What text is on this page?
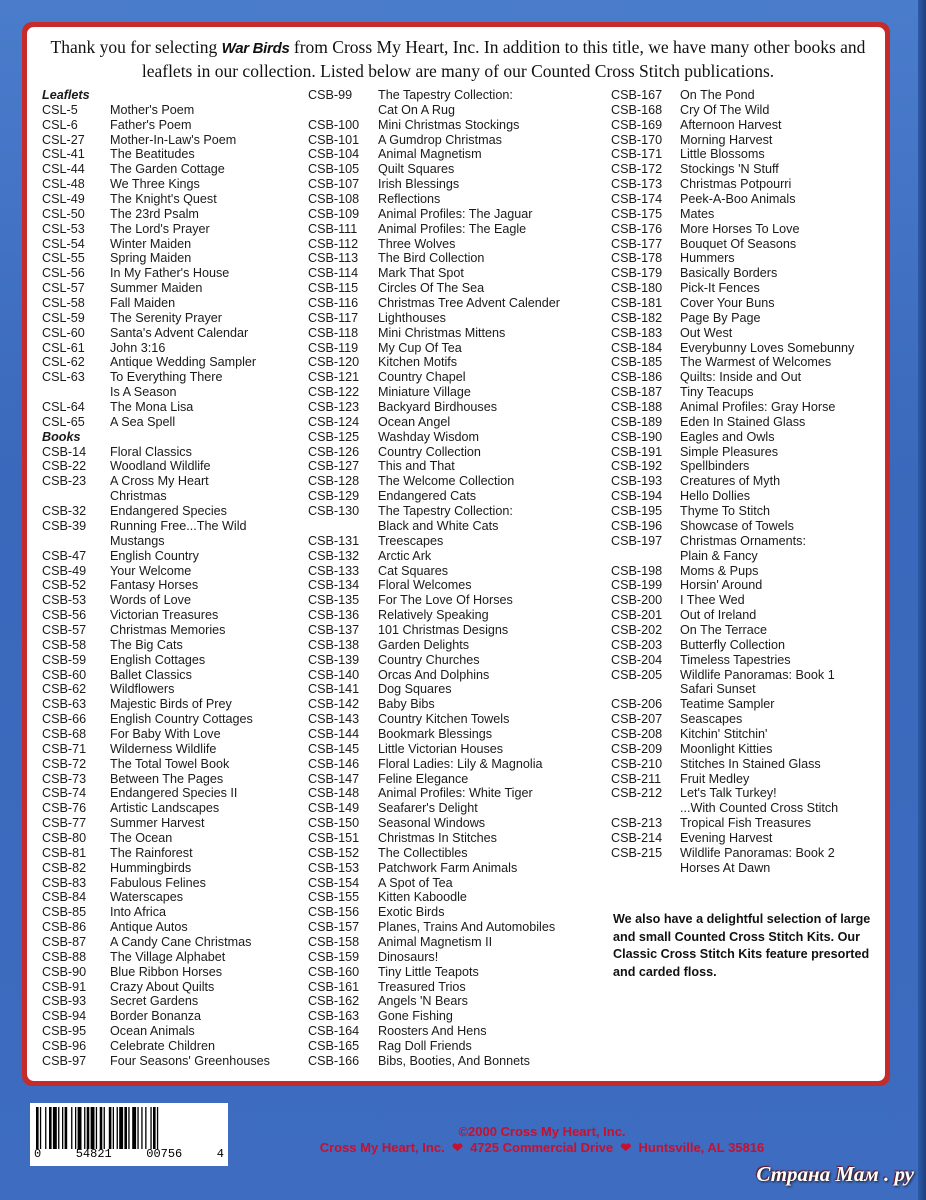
Thank you for selecting War Birds from Cross My Heart, Inc. In addition to this title, we have many other books and leaflets in our collection. Listed below are many of our Counted Cross Stitch publications.
Leaflets
CSL-5	Mother's Poem
CSL-6	Father's Poem
CSL-27	Mother-In-Law's Poem
CSL-41	The Beatitudes
CSL-44	The Garden Cottage
CSL-48	We Three Kings
CSL-49	The Knight's Quest
CSL-50	The 23rd Psalm
CSL-53	The Lord's Prayer
CSL-54	Winter Maiden
CSL-55	Spring Maiden
CSL-56	In My Father's House
CSL-57	Summer Maiden
CSL-58	Fall Maiden
CSL-59	The Serenity Prayer
CSL-60	Santa's Advent Calendar
CSL-61	John 3:16
CSL-62	Antique Wedding Sampler
CSL-63	To Everything There
Is A Season
CSL-64	The Mona Lisa
CSL-65	A Sea Spell
Books
CSB-14	Floral Classics
CSB-22	Woodland Wildlife
CSB-23	A Cross My Heart
Christmas
CSB-32	Endangered Species
CSB-39	Running Free...The Wild
Mustangs
CSB-47	English Country
CSB-49	Your Welcome
CSB-52	Fantasy Horses
CSB-53	Words of Love
CSB-56	Victorian Treasures
CSB-57	Christmas Memories
CSB-58	The Big Cats
CSB-59	English Cottages
CSB-60	Ballet Classics
CSB-62	Wildflowers
CSB-63	Majestic Birds of Prey
CSB-66	English Country Cottages
CSB-68	For Baby With Love
CSB-71	Wilderness Wildlife
CSB-72	The Total Towel Book
CSB-73	Between The Pages
CSB-74	Endangered Species II
CSB-76	Artistic Landscapes
CSB-77	Summer Harvest
CSB-80	The Ocean
CSB-81	The Rainforest
CSB-82	Hummingbirds
CSB-83	Fabulous Felines
CSB-84	Waterscapes
CSB-85	Into Africa
CSB-86	Antique Autos
CSB-87	A Candy Cane Christmas
CSB-88	The Village Alphabet
CSB-90	Blue Ribbon Horses
CSB-91	Crazy About Quilts
CSB-93	Secret Gardens
CSB-94	Border Bonanza
CSB-95	Ocean Animals
CSB-96	Celebrate Children
CSB-97	Four Seasons' Greenhouses
CSB-99	The Tapestry Collection:
Cat On A Rug
CSB-100	Mini Christmas Stockings
CSB-101	A Gumdrop Christmas
CSB-104	Animal Magnetism
CSB-105	Quilt Squares
CSB-107	Irish Blessings
CSB-108	Reflections
CSB-109	Animal Profiles: The Jaguar
CSB-111	Animal Profiles: The Eagle
CSB-112	Three Wolves
CSB-113	The Bird Collection
CSB-114	Mark That Spot
CSB-115	Circles Of The Sea
CSB-116	Christmas Tree Advent Calender
CSB-117	Lighthouses
CSB-118	Mini Christmas Mittens
CSB-119	My Cup Of Tea
CSB-120	Kitchen Motifs
CSB-121	Country Chapel
CSB-122	Miniature Village
CSB-123	Backyard Birdhouses
CSB-124	Ocean Angel
CSB-125	Washday Wisdom
CSB-126	Country Collection
CSB-127	This and That
CSB-128	The Welcome Collection
CSB-129	Endangered Cats
CSB-130	The Tapestry Collection:
Black and White Cats
CSB-131	Treescapes
CSB-132	Arctic Ark
CSB-133	Cat Squares
CSB-134	Floral Welcomes
CSB-135	For The Love Of Horses
CSB-136	Relatively Speaking
CSB-137	101 Christmas Designs
CSB-138	Garden Delights
CSB-139	Country Churches
CSB-140	Orcas And Dolphins
CSB-141	Dog Squares
CSB-142	Baby Bibs
CSB-143	Country Kitchen Towels
CSB-144	Bookmark Blessings
CSB-145	Little Victorian Houses
CSB-146	Floral Ladies: Lily & Magnolia
CSB-147	Feline Elegance
CSB-148	Animal Profiles: White Tiger
CSB-149	Seafarer's Delight
CSB-150	Seasonal Windows
CSB-151	Christmas In Stitches
CSB-152	The Collectibles
CSB-153	Patchwork Farm Animals
CSB-154	A Spot of Tea
CSB-155	Kitten Kaboodle
CSB-156	Exotic Birds
CSB-157	Planes, Trains And Automobiles
CSB-158	Animal Magnetism II
CSB-159	Dinosaurs!
CSB-160	Tiny Little Teapots
CSB-161	Treasured Trios
CSB-162	Angels 'N Bears
CSB-163	Gone Fishing
CSB-164	Roosters And Hens
CSB-165	Rag Doll Friends
CSB-166	Bibs, Booties, And Bonnets
CSB-167	On The Pond
CSB-168	Cry Of The Wild
CSB-169	Afternoon Harvest
CSB-170	Morning Harvest
CSB-171	Little Blossoms
CSB-172	Stockings 'N Stuff
CSB-173	Christmas Potpourri
CSB-174	Peek-A-Boo Animals
CSB-175	Mates
CSB-176	More Horses To Love
CSB-177	Bouquet Of Seasons
CSB-178	Hummers
CSB-179	Basically Borders
CSB-180	Pick-It Fences
CSB-181	Cover Your Buns
CSB-182	Page By Page
CSB-183	Out West
CSB-184	Everybunny Loves Somebunny
CSB-185	The Warmest of Welcomes
CSB-186	Quilts: Inside and Out
CSB-187	Tiny Teacups
CSB-188	Animal Profiles: Gray Horse
CSB-189	Eden In Stained Glass
CSB-190	Eagles and Owls
CSB-191	Simple Pleasures
CSB-192	Spellbinders
CSB-193	Creatures of Myth
CSB-194	Hello Dollies
CSB-195	Thyme To Stitch
CSB-196	Showcase of Towels
CSB-197	Christmas Ornaments:
Plain & Fancy
CSB-198	Moms & Pups
CSB-199	Horsin' Around
CSB-200	I Thee Wed
CSB-201	Out of Ireland
CSB-202	On The Terrace
CSB-203	Butterfly Collection
CSB-204	Timeless Tapestries
CSB-205	Wildlife Panoramas: Book 1
Safari Sunset
CSB-206	Teatime Sampler
CSB-207	Seascapes
CSB-208	Kitchin' Stitchin'
CSB-209	Moonlight Kitties
CSB-210	Stitches In Stained Glass
CSB-211	Fruit Medley
CSB-212	Let's Talk Turkey!
...With Counted Cross Stitch
CSB-213	Tropical Fish Treasures
CSB-214	Evening Harvest
CSB-215	Wildlife Panoramas: Book 2
Horses At Dawn
We also have a delightful selection of large and small Counted Cross Stitch Kits. Our Classic Cross Stitch Kits feature presorted and carded floss.
0	54821	00756	4
©2000 Cross My Heart, Inc.
Cross My Heart, Inc. ❤ 4725 Commercial Drive ❤ Huntsville, AL 35816
Страна Мам . ру
